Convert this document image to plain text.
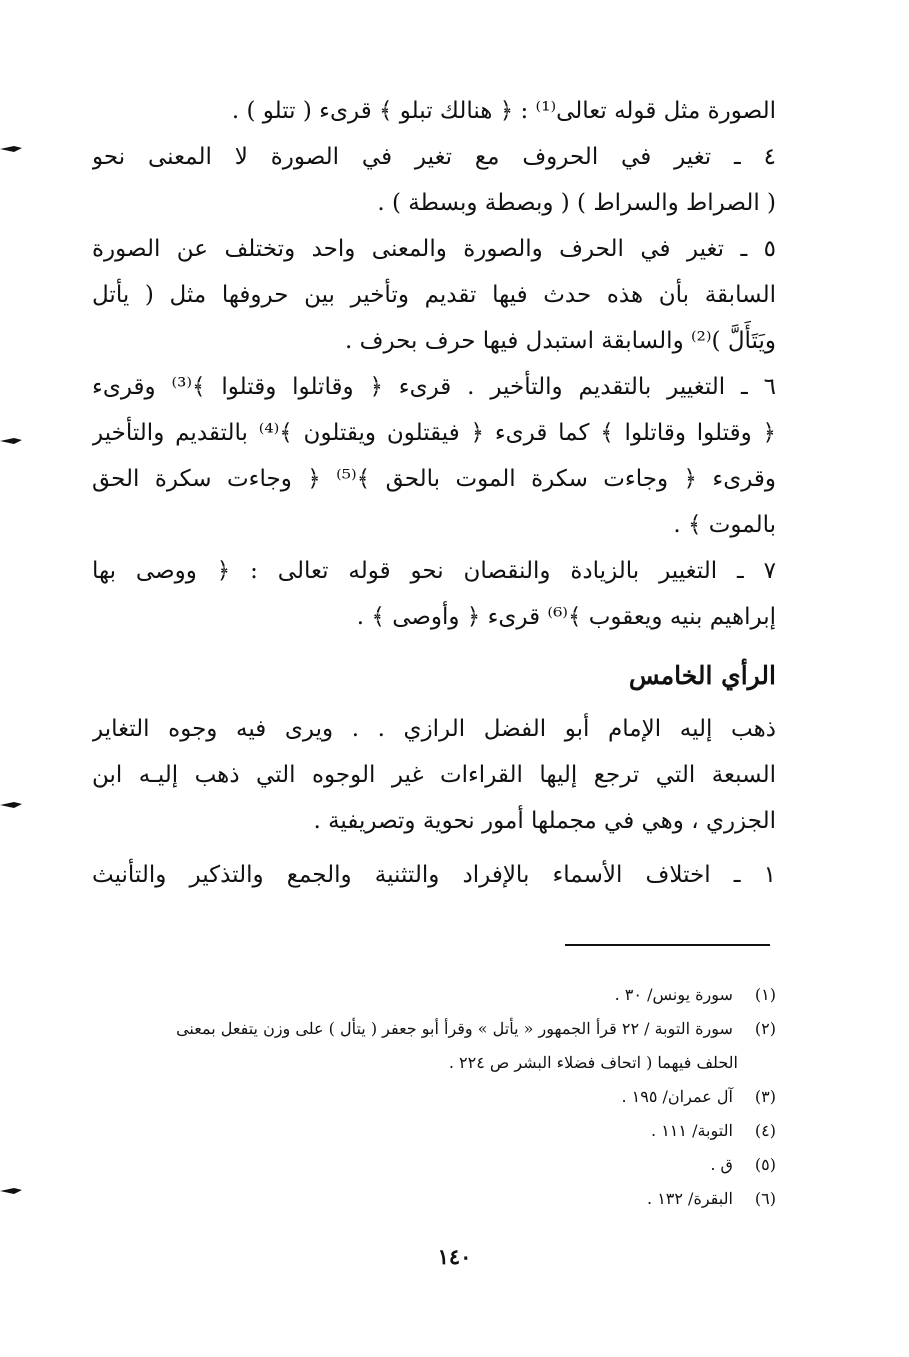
الصورة مثل قوله تعالى⁽¹⁾ : ﴿ هنالك تبلو ﴾ قرىء ( تتلو ) .
٤ ـ تغير في الحروف مع تغير في الصورة لا المعنى نحو
( الصراط والسراط ) ( وبصطة وبسطة ) .
٥ ـ تغير في الحرف والصورة والمعنى واحد وتختلف عن الصورة
السابقة بأن هذه حدث فيها تقديم وتأخير بين حروفها مثل ( يأتل
ويَتَأَلَّ )⁽²⁾ والسابقة استبدل فيها حرف بحرف .
٦ ـ التغيير بالتقديم والتأخير . قرىء ﴿ وقاتلوا وقتلوا ﴾⁽³⁾ وقرىء
﴿ وقتلوا وقاتلوا ﴾ كما قرىء ﴿ فيقتلون ويقتلون ﴾⁽⁴⁾ بالتقديم والتأخير
وقرىء ﴿ وجاءت سكرة الموت بالحق ﴾⁽⁵⁾ ﴿ وجاءت سكرة الحق
بالموت ﴾ .
٧ ـ التغيير بالزيادة والنقصان نحو قوله تعالى : ﴿ ووصى بها
إبراهيم بنيه ويعقوب ﴾⁽⁶⁾ قرىء ﴿ وأوصى ﴾ .
الرأي الخامس
ذهب إليه الإمام أبو الفضل الرازي . . ويرى فيه وجوه التغاير
السبعة التي ترجع إليها القراءات غير الوجوه التي ذهب إليـه ابن
الجزري ، وهي في مجملها أمور نحوية وتصريفية .
١ ـ اختلاف الأسماء بالإفراد والتثنية والجمع والتذكير والتأنيث
(١) سورة يونس/ ٣٠ .
(٢) سورة التوبة / ٢٢ قرأ الجمهور « يأتل » وقرأ أبو جعفر ( يتأل ) على وزن يتفعل بمعنى
الحلف فيهما ( اتحاف فضلاء البشر ص ٢٢٤ .
(٣) آل عمران/ ١٩٥ .
(٤) التوبة/ ١١١ .
(٥) ق .
(٦) البقرة/ ١٣٢ .
١٤٠
